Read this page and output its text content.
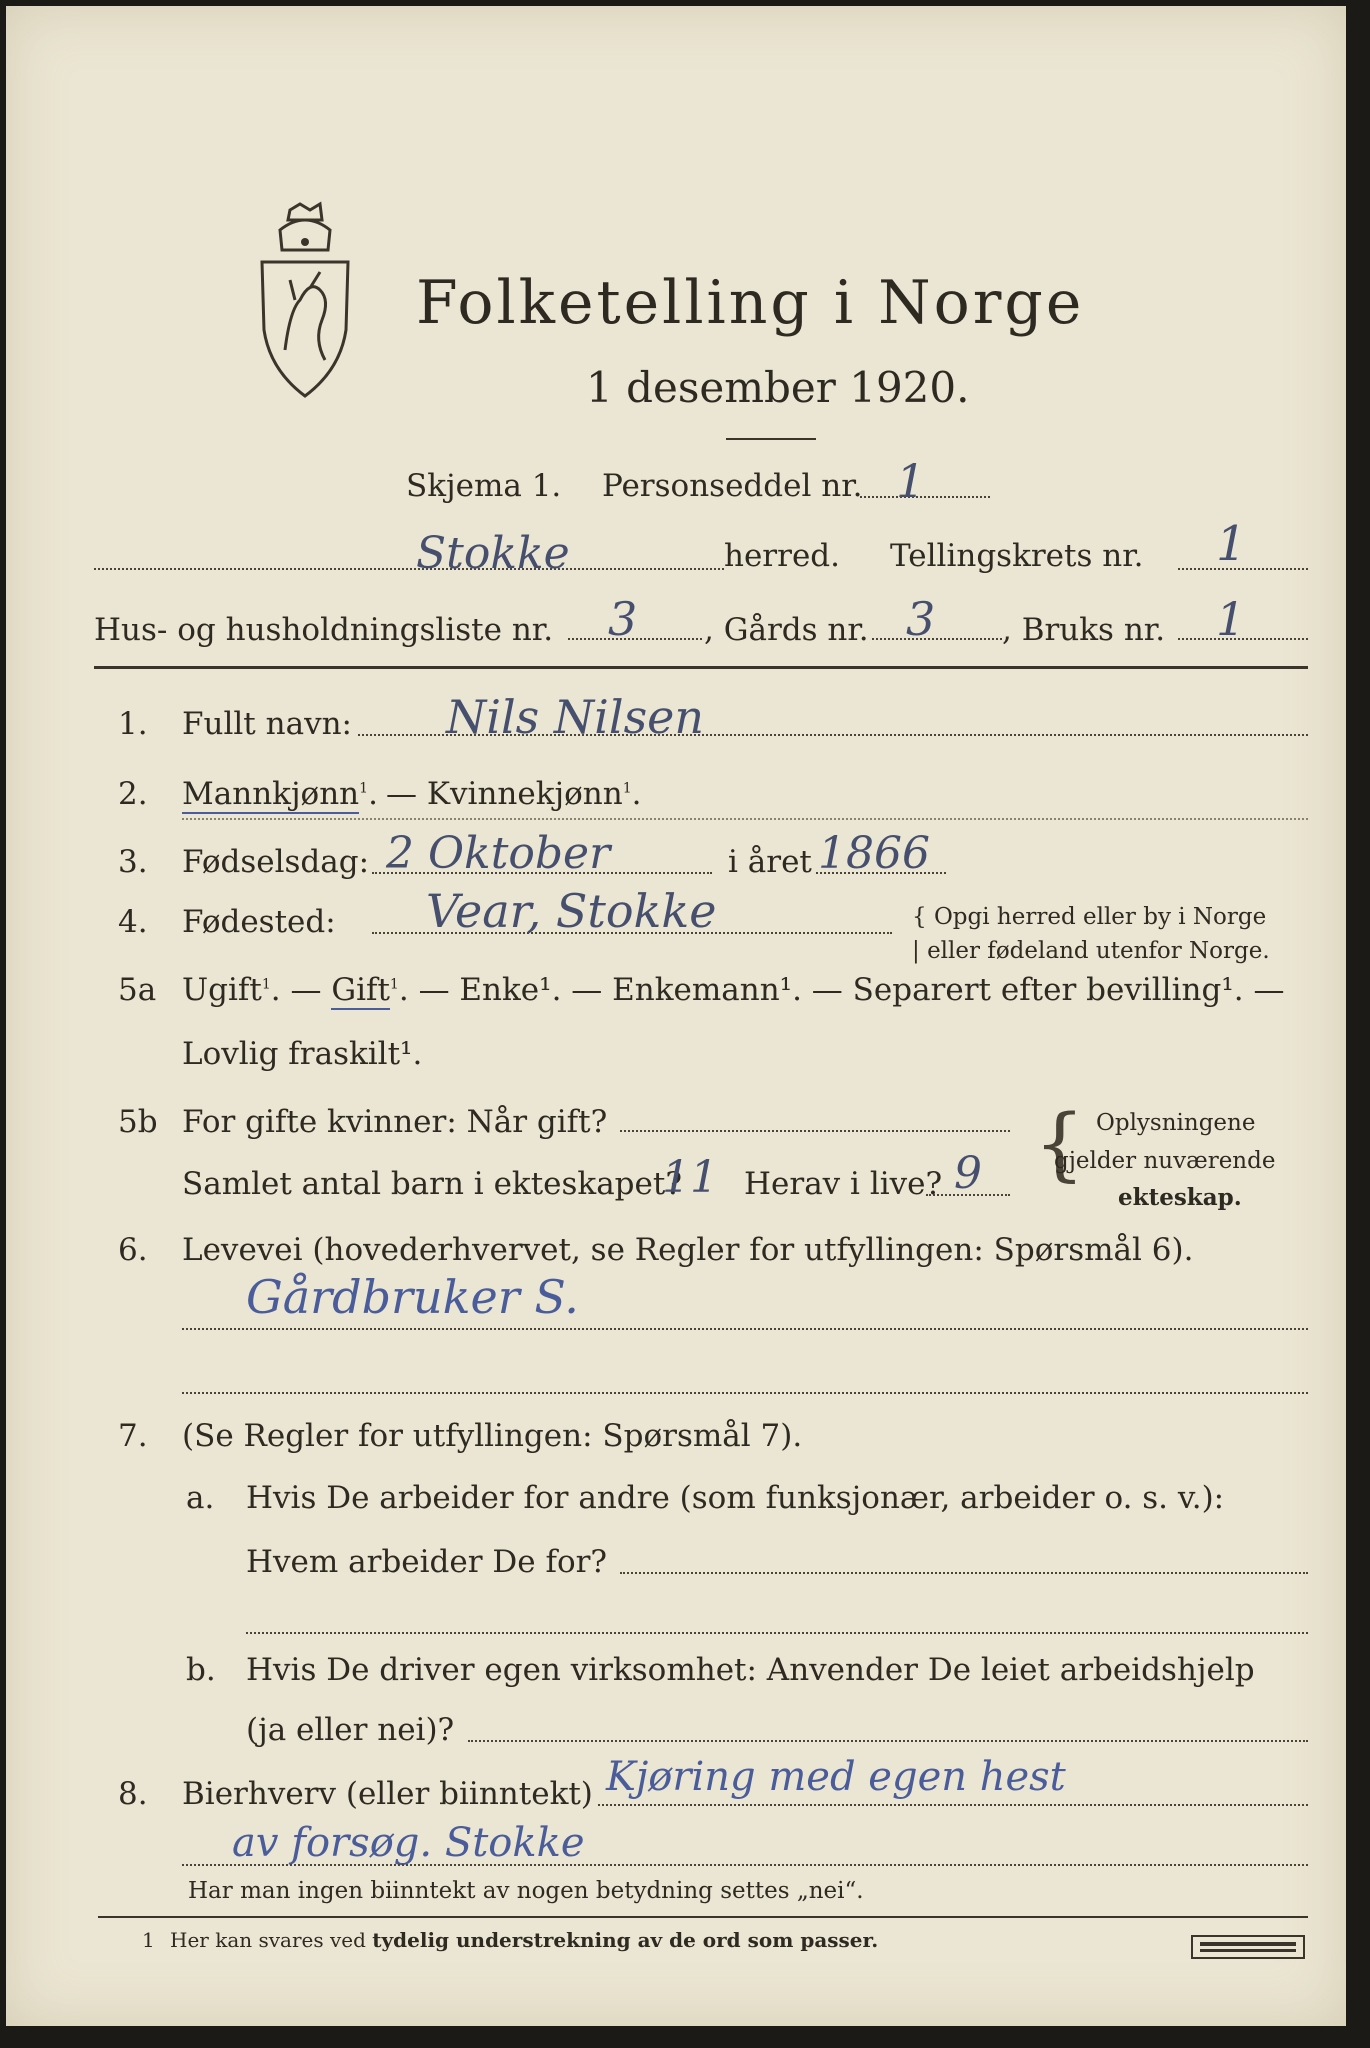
Folketelling i Norge
1 desember 1920.
Skjema 1. Personseddel nr. 1
Stokke	herred. Tellingskrets nr. 1
Hus- og husholdningsliste nr. 3 , Gårds nr. 3 , Bruks nr. 1
1. Fullt navn: Nils Nilsen
2. Mannkjønn$^1$. — Kvinnekjønn$^1$.
3. Fødselsdag: 2 Oktober	i året 1866
4. Fødested: Vear, Stokke	{ Opgi herred eller by i Norge
| eller fødeland utenfor Norge.
5a Ugift$^1$. — Gift$^1$. — Enke¹. — Enkemann¹. — Separert efter bevilling¹. —
Lovlig fraskilt¹.
5b For gifte kvinner: Når gift?
Samlet antal barn i ekteskapet?
11 Herav i live? 9 { Oplysningene
gjelder nuværende
ekteskap.
6. Levevei (hovederhvervet, se Regler for utfyllingen: Spørsmål 6).
Gårdbruker S.
7. (Se Regler for utfyllingen: Spørsmål 7).
a. Hvis De arbeider for andre (som funksjonær, arbeider o. s. v.):
Hvem arbeider De for?
b. Hvis De driver egen virksomhet: Anvender De leiet arbeidshjelp
(ja eller nei)?
8. Bierhverv (eller biinntekt) Kjøring med egen hest
av forsøg. Stokke
Har man ingen biinntekt av nogen betydning settes „nei“.
1 Her kan svares ved tydelig understrekning av de ord som passer.
